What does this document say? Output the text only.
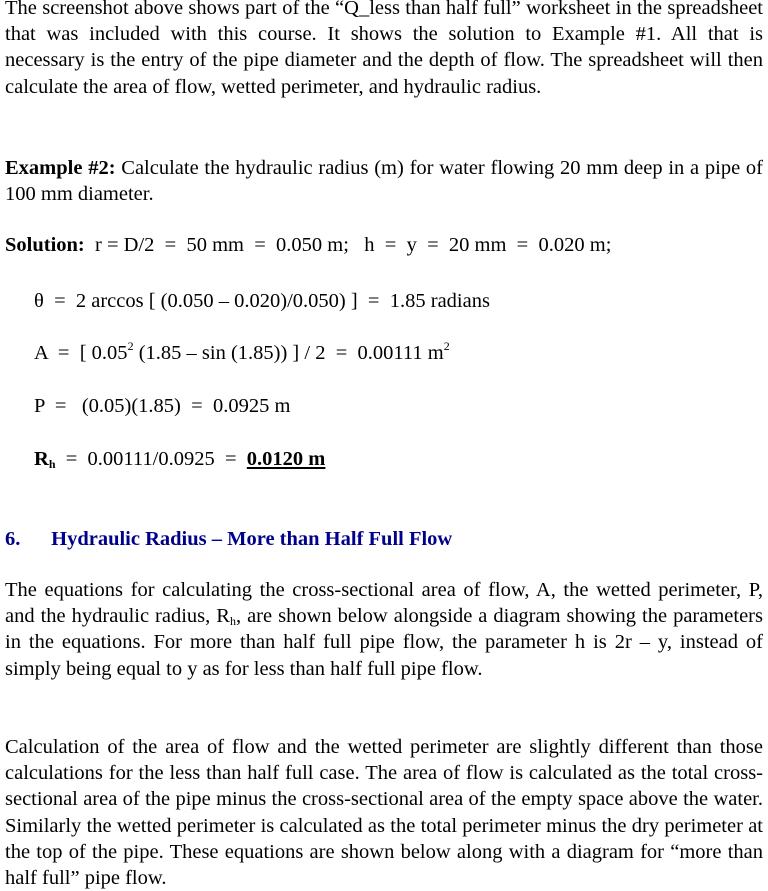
The screenshot above shows part of the “Q_less than half full” worksheet in the spreadsheet that was included with this course. It shows the solution to Example #1. All that is necessary is the entry of the pipe diameter and the depth of flow. The spreadsheet will then calculate the area of flow, wetted perimeter, and hydraulic radius.

Example #2: Calculate the hydraulic radius (m) for water flowing 20 mm deep in a pipe of 100 mm diameter.

Solution:  r = D/2  =  50 mm  =  0.050 m;   h  =  y  =  20 mm  =  0.020 m;
θ  =  2 arccos [ (0.050 – 0.020)/0.050) ]  =  1.85 radians
A  =  [ 0.05$^2$ (1.85 – sin (1.85)) ] / 2  =  0.00111 $m^2$
P  =   (0.05)(1.85)  =  0.0925 m
$R_h = 0.00111/0.0925 = 0.0120$ m
6. Hydraulic Radius – More than Half Full Flow

The equations for calculating the cross-sectional area of flow, A, the wetted perimeter, P, and the hydraulic radius, $R_h$, are shown below alongside a diagram showing the parameters in the equations. For more than half full pipe flow, the parameter h is 2r – y, instead of simply being equal to y as for less than half full pipe flow.

Calculation of the area of flow and the wetted perimeter are slightly different than those calculations for the less than half full case. The area of flow is calculated as the total cross-sectional area of the pipe minus the cross-sectional area of the empty space above the water. Similarly the wetted perimeter is calculated as the total perimeter minus the dry perimeter at the top of the pipe. These equations are shown below along with a diagram for “more than half full” pipe flow.
